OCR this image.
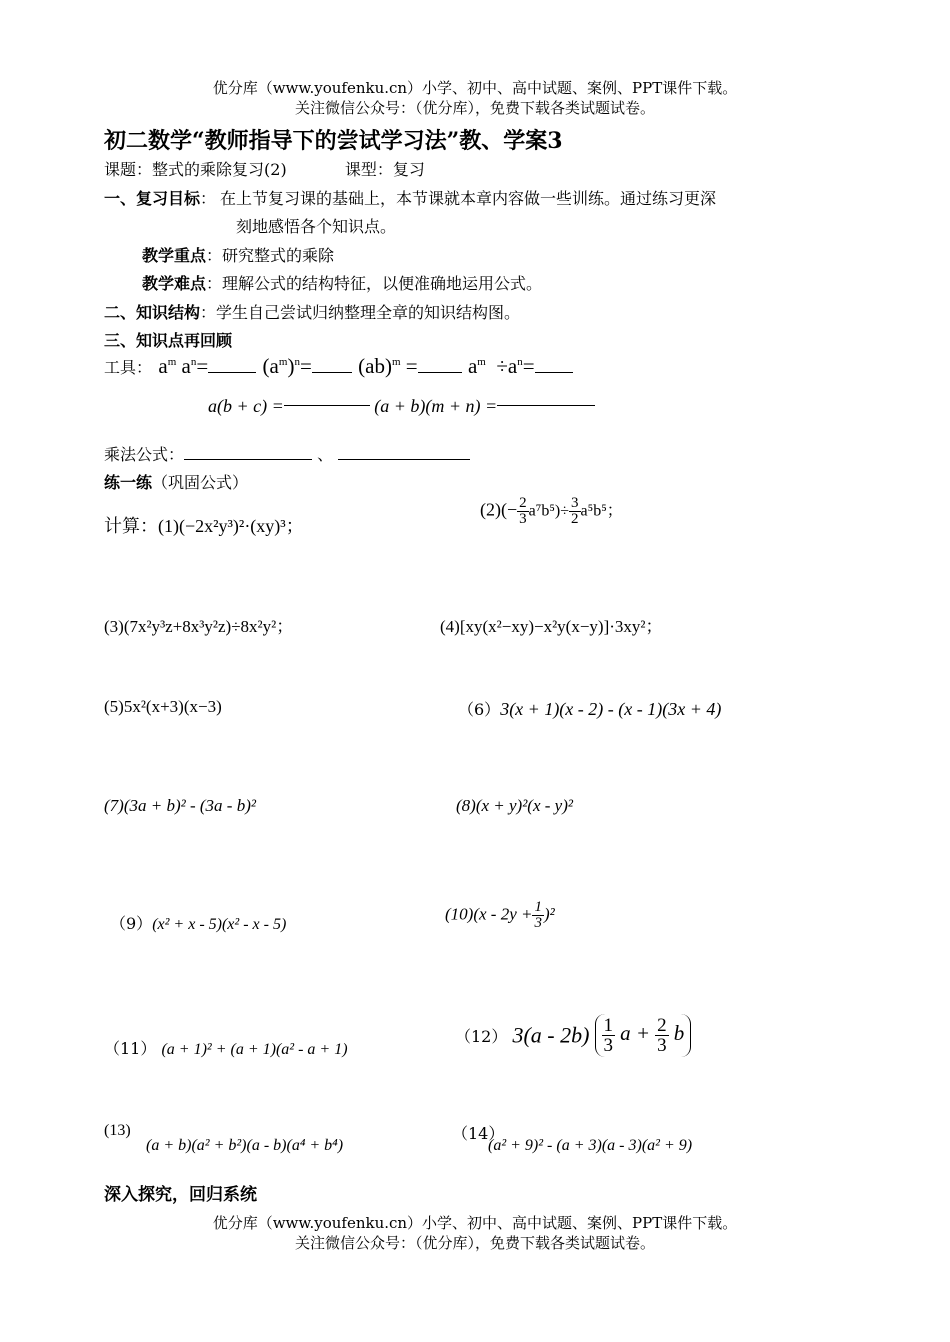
优分库（www.youfenku.cn）小学、初中、高中试题、案例、PPT课件下载。
关注微信公众号：（优分库），免费下载各类试题试卷。
初二数学“教师指导下的尝试学习法”教、学案3
课题：整式的乘除复习(2)	课型：复习
一、复习目标： 在上节复习课的基础上，本节课就本章内容做一些训练。通过练习更深
刻地感悟各个知识点。
教学重点：研究整式的乘除
教学难点：理解公式的结构特征，以便准确地运用公式。
二、知识结构：学生自己尝试归纳整理全章的知识结构图。
三、知识点再回顾
工具： $a^m$ $a^n=$	$(a^m)^n= (ab)^m = a^m \div a^n=$
a(b + c) =	(a + b)(m + n) =
乘法公式：	、
练一练（巩固公式）
计算：(1)(−2x²y³)²·(xy)³；
$(2)(- \frac{2}{3} a^7b^5)\div \frac{3}{2} a^5b^5$；
(3)(7x²y³z+8x³y²z)÷8x²y²；	(4)[xy(x²−xy)−x²y(x−y)]·3xy²；
(5)5x²(x+3)(x−3)	（6）3(x + 1)(x - 2) - (x - 1)(3x + 4)
(7)(3a + b)² - (3a - b)²	(8)(x + y)²(x - y)²
（9）(x² + x - 5)(x² - x - 5)
$(10)(x - 2y + \frac{1}{3} )^2$
（11） (a + 1)² + (a + 1)(a² - a + 1)
（12） $3(a - 2b) \frac{1}{3}$ $a + \frac{2}{3}$ b
(13)
(a + b)(a² + b²)(a - b)(a⁴ + b⁴)
（14）
(a² + 9)² - (a + 3)(a - 3)(a² + 9)
深入探究，回归系统
优分库（www.youfenku.cn）小学、初中、高中试题、案例、PPT课件下载。
关注微信公众号：（优分库），免费下载各类试题试卷。
